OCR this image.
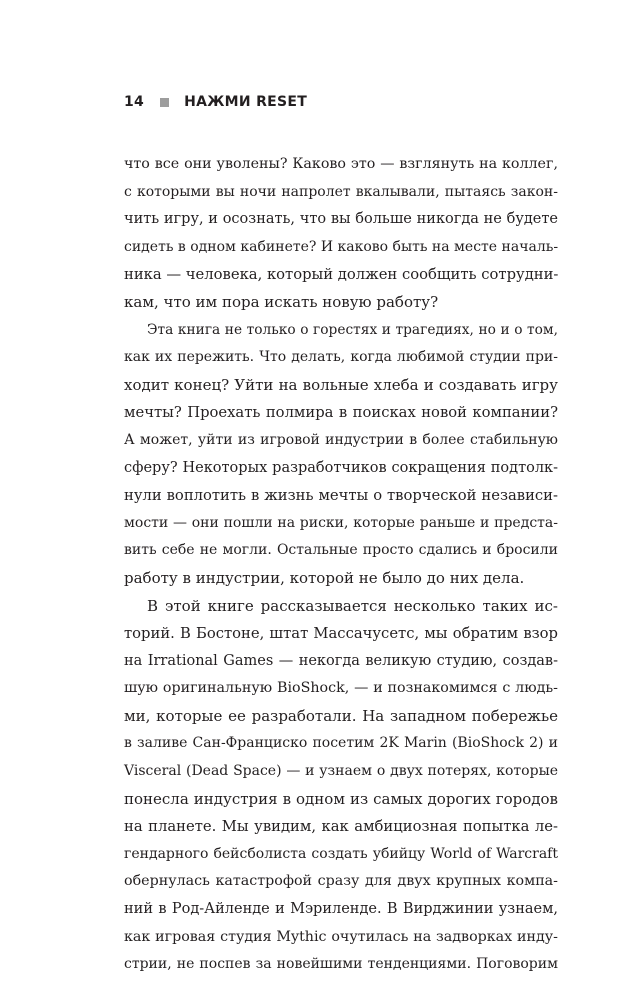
14	НАЖМИ RESET
что все они уволены? Каково это — взглянуть на коллег,
с которыми вы ночи напролет вкалывали, пытаясь закон-
чить игру, и осознать, что вы больше никогда не будете
сидеть в одном кабинете? И каково быть на месте началь-
ника — человека, который должен сообщить сотрудни-
кам, что им пора искать новую работу?
Эта книга не только о горестях и трагедиях, но и о том,
как их пережить. Что делать, когда любимой студии при-
ходит конец? Уйти на вольные хлеба и создавать игру
мечты? Проехать полмира в поисках новой компании?
А может, уйти из игровой индустрии в более стабильную
сферу? Некоторых разработчиков сокращения подтолк-
нули воплотить в жизнь мечты о творческой независи-
мости — они пошли на риски, которые раньше и предста-
вить себе не могли. Остальные просто сдались и бросили
работу в индустрии, которой не было до них дела.
В этой книге рассказывается несколько таких ис-
торий. В Бостоне, штат Массачусетс, мы обратим взор
на Irrational Games — некогда великую студию, создав-
шую оригинальную BioShock, — и познакомимся с людь-
ми, которые ее разработали. На западном побережье
в заливе Сан-Франциско посетим 2K Marin (BioShock 2) и
Visceral (Dead Space) — и узнаем о двух потерях, которые
понесла индустрия в одном из самых дорогих городов
на планете. Мы увидим, как амбициозная попытка ле-
гендарного бейсболиста создать убийцу World of Warcraft
обернулась катастрофой сразу для двух крупных компа-
ний в Род-Айленде и Мэриленде. В Вирджинии узнаем,
как игровая студия Mythic очутилась на задворках инду-
стрии, не поспев за новейшими тенденциями. Поговорим
